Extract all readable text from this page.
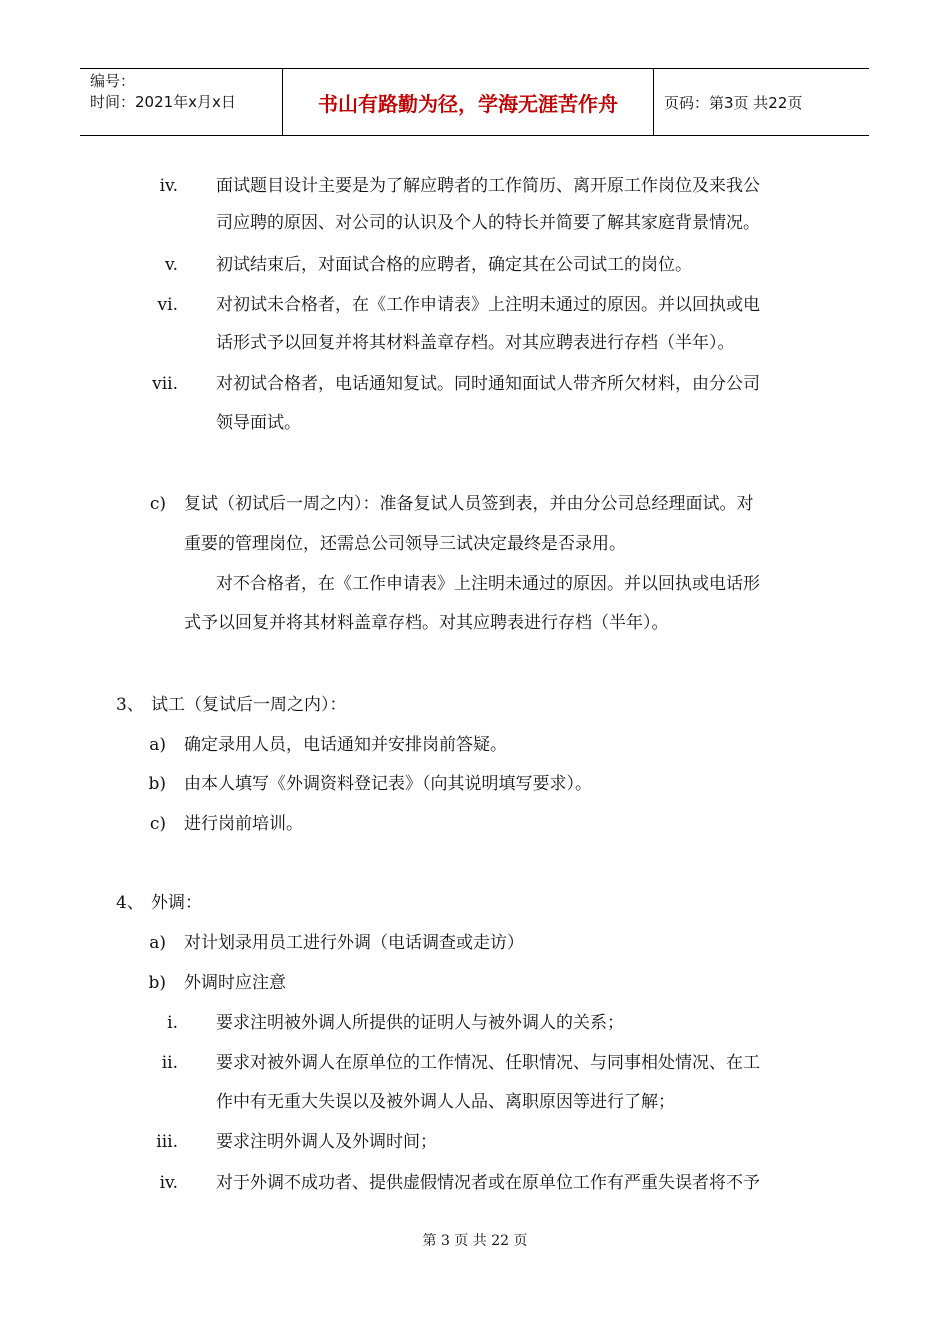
编号：
时间：2021年x月x日	书山有路勤为径，学海无涯苦作舟	页码：第3页 共22页
iv. 面试题目设计主要是为了解应聘者的工作简历、离开原工作岗位及来我公
司应聘的原因、对公司的认识及个人的特长并简要了解其家庭背景情况。
v. 初试结束后，对面试合格的应聘者，确定其在公司试工的岗位。
vi. 对初试未合格者，在《工作申请表》上注明未通过的原因。并以回执或电
话形式予以回复并将其材料盖章存档。对其应聘表进行存档（半年）。
vii. 对初试合格者，电话通知复试。同时通知面试人带齐所欠材料，由分公司
领导面试。
c) 复试（初试后一周之内）：准备复试人员签到表，并由分公司总经理面试。对
重要的管理岗位，还需总公司领导三试决定最终是否录用。
对不合格者，在《工作申请表》上注明未通过的原因。并以回执或电话形
式予以回复并将其材料盖章存档。对其应聘表进行存档（半年）。
3、 试工（复试后一周之内）：
a) 确定录用人员，电话通知并安排岗前答疑。
b) 由本人填写《外调资料登记表》（向其说明填写要求）。
c) 进行岗前培训。
4、 外调：
a) 对计划录用员工进行外调（电话调查或走访）
b) 外调时应注意
i. 要求注明被外调人所提供的证明人与被外调人的关系；
ii. 要求对被外调人在原单位的工作情况、任职情况、与同事相处情况、在工
作中有无重大失误以及被外调人人品、离职原因等进行了解；
iii. 要求注明外调人及外调时间；
iv. 对于外调不成功者、提供虚假情况者或在原单位工作有严重失误者将不予
第 3 页 共 22 页
